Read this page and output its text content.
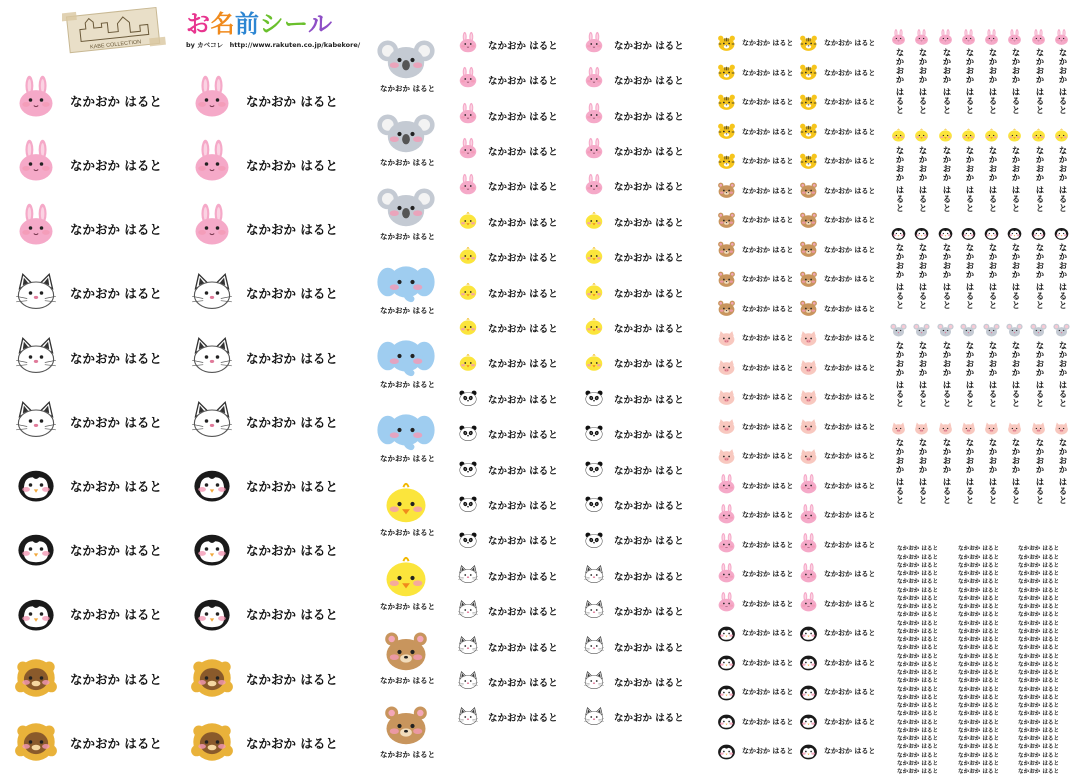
KABE COLLECTION
お名前シール
by カベコレ　http://www.rakuten.co.jp/kabekore/
なかおか はると	なかおか はると
なかおか はると	なかおか はると
なかおか はると	なかおか はると
なかおか はると	なかおか はると
なかおか はると	なかおか はると
なかおか はると	なかおか はると
なかおか はると	なかおか はると
なかおか はると	なかおか はると
なかおか はると	なかおか はると
なかおか はると	なかおか はると
なかおか はると	なかおか はると
なかおか はると
なかおか はると
なかおか はると
なかおか はると
なかおか はると
なかおか はると
なかおか はると
なかおか はると
なかおか はると
なかおか はると
なかおか はると	なかおか はると
なかおか はると	なかおか はると
なかおか はると	なかおか はると
なかおか はると	なかおか はると
なかおか はると	なかおか はると
なかおか はると	なかおか はると
なかおか はると	なかおか はると
なかおか はると	なかおか はると
なかおか はると	なかおか はると
なかおか はると	なかおか はると
なかおか はると	なかおか はると
なかおか はると	なかおか はると
なかおか はると	なかおか はると
なかおか はると	なかおか はると
なかおか はると	なかおか はると
なかおか はると	なかおか はると
なかおか はると	なかおか はると
なかおか はると	なかおか はると
なかおか はると	なかおか はると
なかおか はると	なかおか はると
なかおか はると	なかおか はると
なかおか はると	なかおか はると
なかおか はると	なかおか はると
なかおか はると	なかおか はると
なかおか はると	なかおか はると
なかおか はると	なかおか はると
なかおか はると	なかおか はると
なかおか はると	なかおか はると
なかおか はると	なかおか はると
なかおか はると	なかおか はると
なかおか はると	なかおか はると
なかおか はると	なかおか はると
なかおか はると	なかおか はると
なかおか はると	なかおか はると
なかおか はると	なかおか はると
なかおか はると	なかおか はると
なかおか はると	なかおか はると
なかおか はると	なかおか はると
なかおか はると	なかおか はると
なかおか はると	なかおか はると
なかおか はると	なかおか はると
なかおか はると	なかおか はると
なかおか はると	なかおか はると
なかおか はると	なかおか はると
なかおか はると	なかおか はると
なかおか はると なかおか はると なかおか はると なかおか はると なかおか はると なかおか はると なかおか はると なかおか はると
なかおか はると なかおか はると なかおか はると なかおか はると なかおか はると なかおか はると なかおか はると なかおか はると
なかおか はると なかおか はると なかおか はると なかおか はると なかおか はると なかおか はると なかおか はると なかおか はると
なかおか はると なかおか はると なかおか はると なかおか はると なかおか はると なかおか はると なかおか はると なかおか はると
なかおか はると なかおか はると なかおか はると なかおか はると なかおか はると なかおか はると なかおか はると なかおか はると
なかおか はると	なかおか はると	なかおか はると
なかおか はると	なかおか はると	なかおか はると
なかおか はると	なかおか はると	なかおか はると
なかおか はると	なかおか はると	なかおか はると
なかおか はると	なかおか はると	なかおか はると
なかおか はると	なかおか はると	なかおか はると
なかおか はると	なかおか はると	なかおか はると
なかおか はると	なかおか はると	なかおか はると
なかおか はると	なかおか はると	なかおか はると
なかおか はると	なかおか はると	なかおか はると
なかおか はると	なかおか はると	なかおか はると
なかおか はると	なかおか はると	なかおか はると
なかおか はると	なかおか はると	なかおか はると
なかおか はると	なかおか はると	なかおか はると
なかおか はると	なかおか はると	なかおか はると
なかおか はると	なかおか はると	なかおか はると
なかおか はると	なかおか はると	なかおか はると
なかおか はると	なかおか はると	なかおか はると
なかおか はると	なかおか はると	なかおか はると
なかおか はると	なかおか はると	なかおか はると
なかおか はると	なかおか はると	なかおか はると
なかおか はると	なかおか はると	なかおか はると
なかおか はると	なかおか はると	なかおか はると
なかおか はると	なかおか はると	なかおか はると
なかおか はると	なかおか はると	なかおか はると
なかおか はると	なかおか はると	なかおか はると
なかおか はると	なかおか はると	なかおか はると
なかおか はると	なかおか はると	なかおか はると
